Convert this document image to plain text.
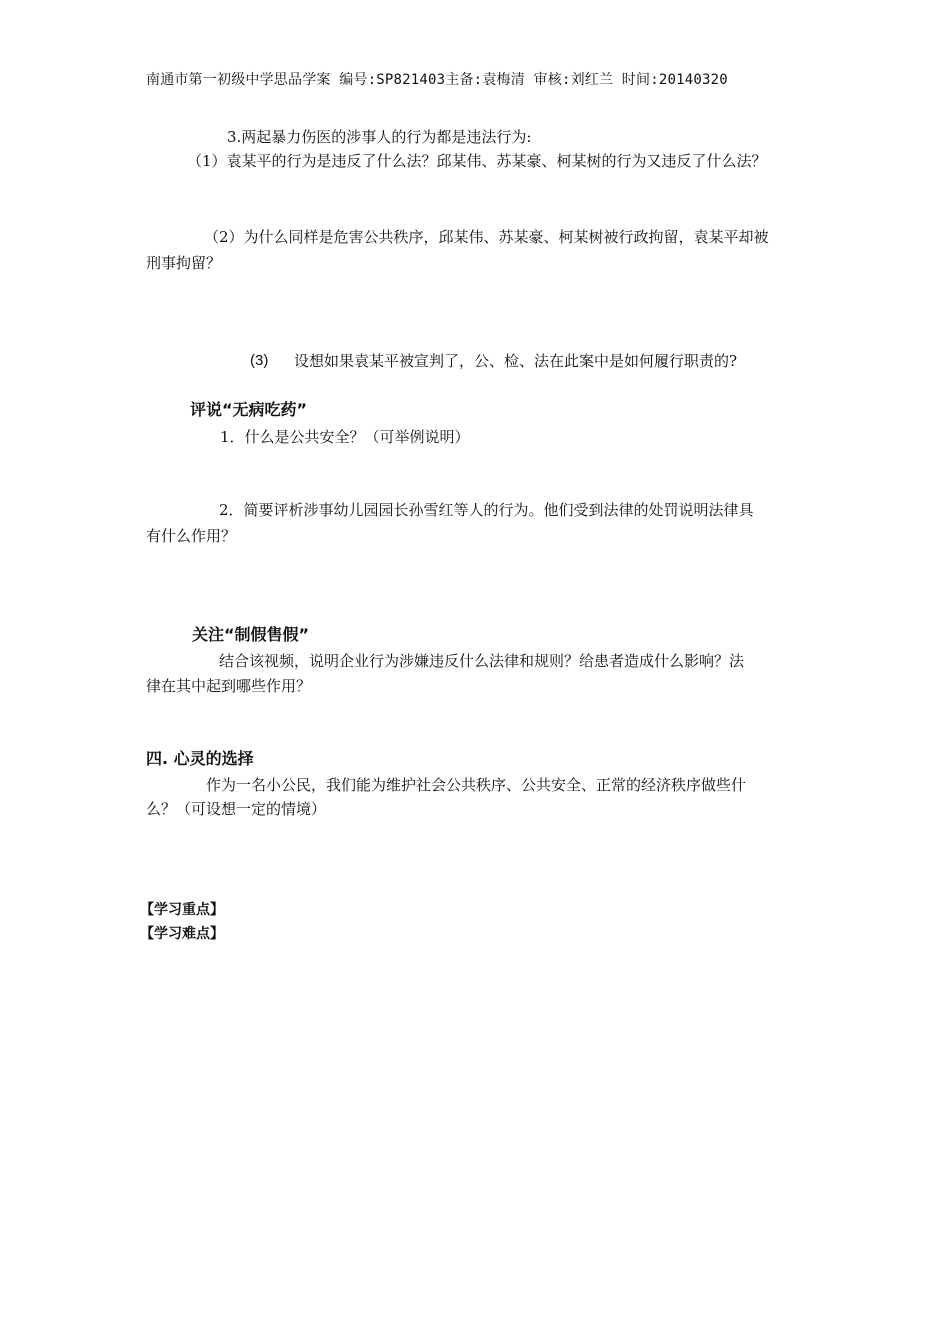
南通市第一初级中学思品学案 编号:SP821403主备:袁梅清 审核:刘红兰 时间:20140320
3.两起暴力伤医的涉事人的行为都是违法行为:
（1）袁某平的行为是违反了什么法？邱某伟、苏某豪、柯某树的行为又违反了什么法？
（2）为什么同样是危害公共秩序，邱某伟、苏某豪、柯某树被行政拘留，袁某平却被
刑事拘留？
(3) 设想如果袁某平被宣判了，公、检、法在此案中是如何履行职责的?
评说“无病吃药”
1．什么是公共安全？（可举例说明）
2．简要评析涉事幼儿园园长孙雪红等人的行为。他们受到法律的处罚说明法律具
有什么作用？
关注“制假售假”
结合该视频，说明企业行为涉嫌违反什么法律和规则？给患者造成什么影响？法
律在其中起到哪些作用？
四. 心灵的选择
作为一名小公民，我们能为维护社会公共秩序、公共安全、正常的经济秩序做些什
么？（可设想一定的情境）
【学习重点】
【学习难点】
